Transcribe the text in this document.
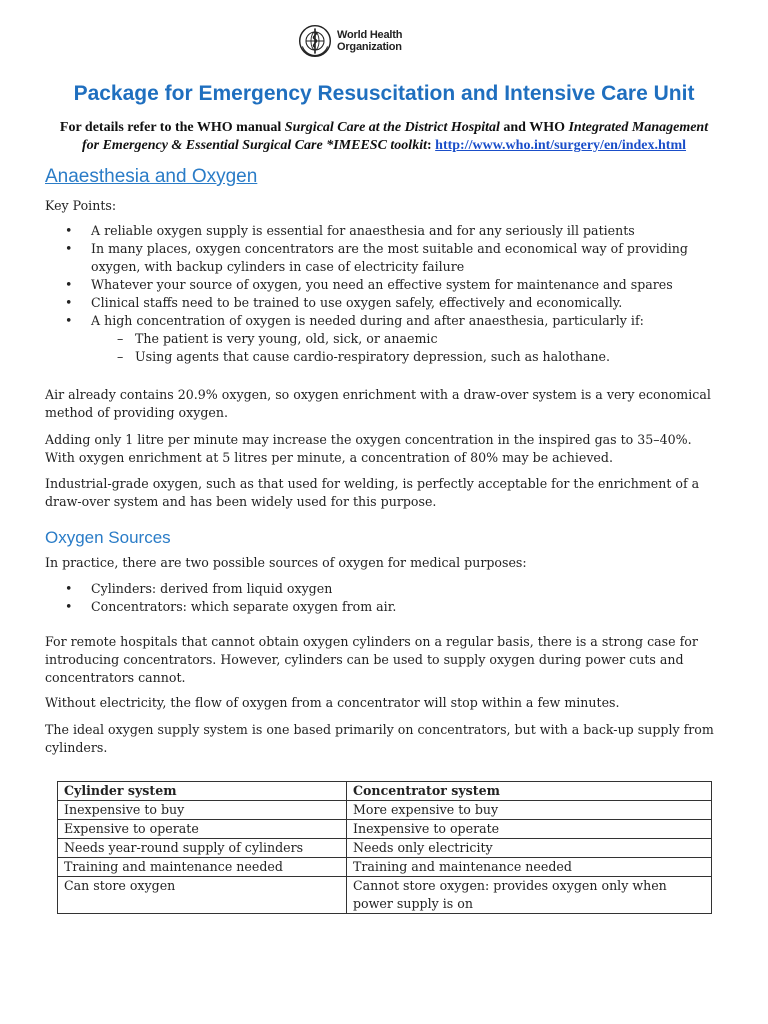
World Health
Organization
Package for Emergency Resuscitation and Intensive Care Unit
For details refer to the WHO manual Surgical Care at the District Hospital and WHO Integrated Management for Emergency & Essential Surgical Care *IMEESC toolkit: http://www.who.int/surgery/en/index.html
Anaesthesia and Oxygen
Key Points:
• A reliable oxygen supply is essential for anaesthesia and for any seriously ill patients
• In many places, oxygen concentrators are the most suitable and economical way of providing oxygen, with backup cylinders in case of electricity failure
• Whatever your source of oxygen, you need an effective system for maintenance and spares
• Clinical staffs need to be trained to use oxygen safely, effectively and economically.
• A high concentration of oxygen is needed during and after anaesthesia, particularly if:
– The patient is very young, old, sick, or anaemic
– Using agents that cause cardio-respiratory depression, such as halothane.
Air already contains 20.9% oxygen, so oxygen enrichment with a draw-over system is a very economical method of providing oxygen.
Adding only 1 litre per minute may increase the oxygen concentration in the inspired gas to 35–40%. With oxygen enrichment at 5 litres per minute, a concentration of 80% may be achieved.
Industrial-grade oxygen, such as that used for welding, is perfectly acceptable for the enrichment of a draw-over system and has been widely used for this purpose.
Oxygen Sources
In practice, there are two possible sources of oxygen for medical purposes:
• Cylinders: derived from liquid oxygen
• Concentrators: which separate oxygen from air.
For remote hospitals that cannot obtain oxygen cylinders on a regular basis, there is a strong case for introducing concentrators. However, cylinders can be used to supply oxygen during power cuts and concentrators cannot.
Without electricity, the flow of oxygen from a concentrator will stop within a few minutes.
The ideal oxygen supply system is one based primarily on concentrators, but with a back-up supply from cylinders.
Cylinder system	Concentrator system
Inexpensive to buy	More expensive to buy
Expensive to operate	Inexpensive to operate
Needs year-round supply of cylinders	Needs only electricity
Training and maintenance needed	Training and maintenance needed
Can store oxygen	Cannot store oxygen: provides oxygen only when power supply is on
